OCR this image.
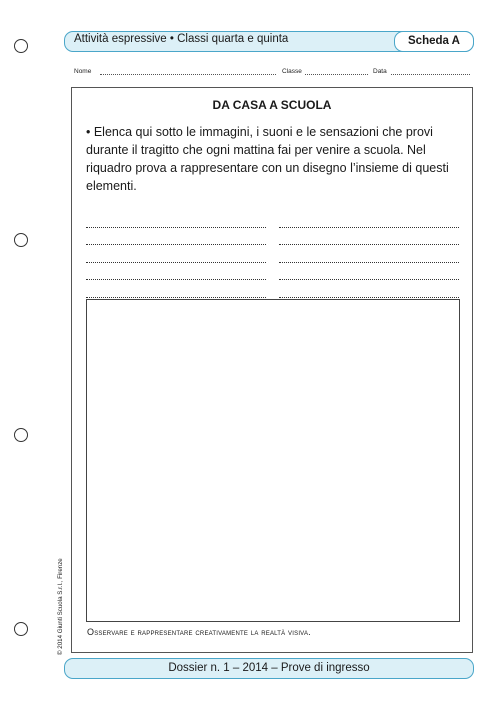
Attività espressive • Classi quarta e quinta	Scheda A
Nome	Classe	Data
DA CASA A SCUOLA
• Elenca qui sotto le immagini, i suoni e le sensazioni che provi durante il tragitto che ogni mattina fai per venire a scuola. Nel riquadro prova a rappresentare con un disegno l’insieme di questi elementi.
Osservare e rappresentare creativamente la realtà visiva.
© 2014 Giunti Scuola S.r.l., Firenze
Dossier n. 1 – 2014 – Prove di ingresso
